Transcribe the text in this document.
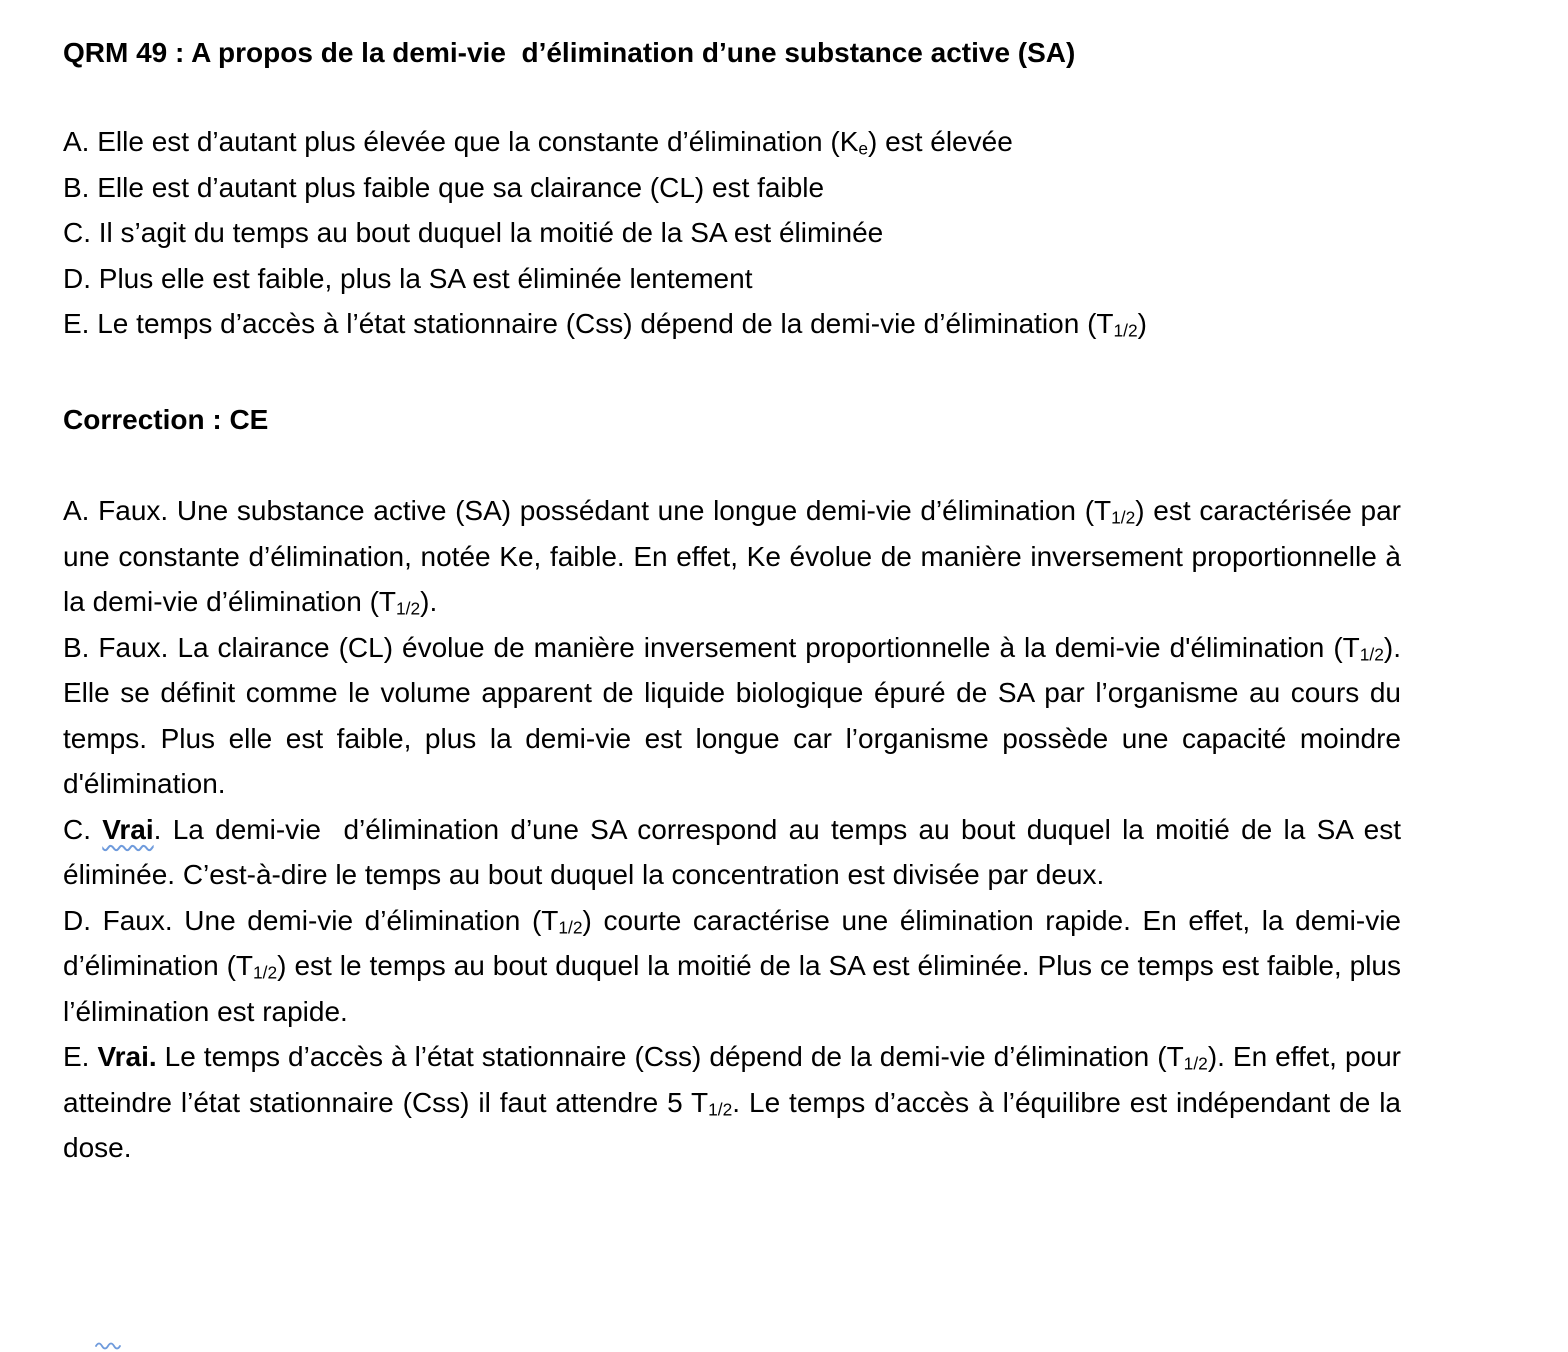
QRM 49 : A propos de la demi-vie  d’élimination d’une substance active (SA)
A. Elle est d’autant plus élevée que la constante d’élimination $(K_e)$ est élevée
B. Elle est d’autant plus faible que sa clairance (CL) est faible
C. Il s’agit du temps au bout duquel la moitié de la SA est éliminée
D. Plus elle est faible, plus la SA est éliminée lentement
E. Le temps d’accès à l’état stationnaire (Css) dépend de la demi-vie d’élimination $(T_{1/2})$
Correction : CE
A. Faux. Une substance active (SA) possédant une longue demi-vie d’élimination $(T_{1/2})$ est caractérisée par une constante d’élimination, notée Ke, faible. En effet, Ke évolue de manière inversement proportionnelle à la demi-vie d’élimination $(T_{1/2})$.
B. Faux. La clairance (CL) évolue de manière inversement proportionnelle à la demi-vie d'élimination $(T_{1/2})$. Elle se définit comme le volume apparent de liquide biologique épuré de SA par l’organisme au cours du temps. Plus elle est faible, plus la demi-vie est longue car l’organisme possède une capacité moindre d'élimination.
C. Vrai. La demi-vie  d’élimination d’une SA correspond au temps au bout duquel la moitié de la SA est éliminée. C’est-à-dire le temps au bout duquel la concentration est divisée par deux.
D. Faux. Une demi-vie d’élimination $(T_{1/2})$ courte caractérise une élimination rapide. En effet, la demi-vie d’élimination $(T_{1/2})$ est le temps au bout duquel la moitié de la SA est éliminée. Plus ce temps est faible, plus l’élimination est rapide.
E. Vrai. Le temps d’accès à l’état stationnaire (Css) dépend de la demi-vie d’élimination $(T_{1/2})$. En effet, pour atteindre l’état stationnaire (Css) il faut attendre 5 $T_{1/2}$. Le temps d’accès à l’équilibre est indépendant de la dose.
